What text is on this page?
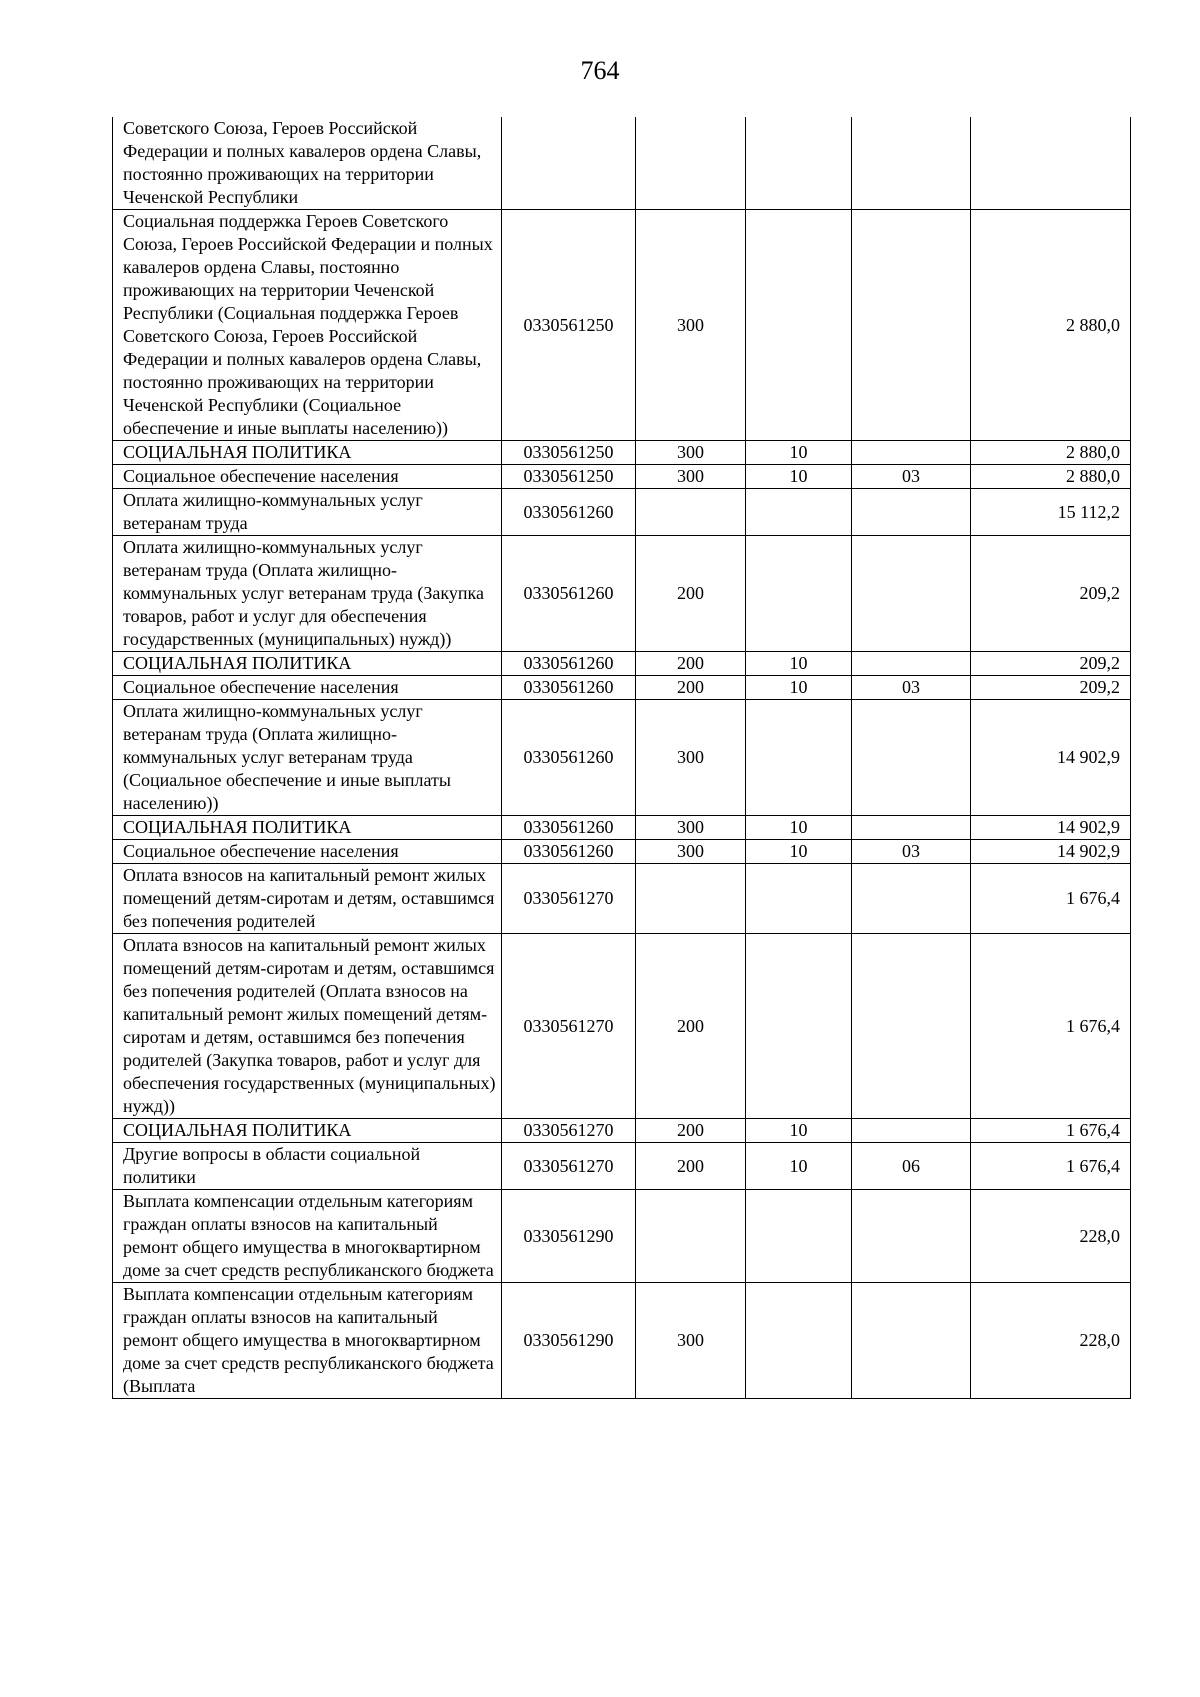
764
Советского Союза, Героев Российской Федерации и полных кавалеров ордена Славы, постоянно проживающих на территории Чеченской Республики					
Социальная поддержка Героев Советского Союза, Героев Российской Федерации и полных кавалеров ордена Славы, постоянно проживающих на территории Чеченской Республики (Социальная поддержка Героев Советского Союза, Героев Российской Федерации и полных кавалеров ордена Славы, постоянно проживающих на территории Чеченской Республики (Социальное обеспечение и иные выплаты населению))	0330561250	300			2 880,0
СОЦИАЛЬНАЯ ПОЛИТИКА	0330561250	300	10		2 880,0
Социальное обеспечение населения	0330561250	300	10	03	2 880,0
Оплата жилищно-коммунальных услуг ветеранам труда	0330561260				15 112,2
Оплата жилищно-коммунальных услуг ветеранам труда (Оплата жилищно-коммунальных услуг ветеранам труда (Закупка товаров, работ и услуг для обеспечения государственных (муниципальных) нужд))	0330561260	200			209,2
СОЦИАЛЬНАЯ ПОЛИТИКА	0330561260	200	10		209,2
Социальное обеспечение населения	0330561260	200	10	03	209,2
Оплата жилищно-коммунальных услуг ветеранам труда (Оплата жилищно-коммунальных услуг ветеранам труда (Социальное обеспечение и иные выплаты населению))	0330561260	300			14 902,9
СОЦИАЛЬНАЯ ПОЛИТИКА	0330561260	300	10		14 902,9
Социальное обеспечение населения	0330561260	300	10	03	14 902,9
Оплата взносов на капитальный ремонт жилых помещений детям-сиротам и детям, оставшимся без попечения родителей	0330561270				1 676,4
Оплата взносов на капитальный ремонт жилых помещений детям-сиротам и детям, оставшимся без попечения родителей (Оплата взносов на капитальный ремонт жилых помещений детям-сиротам и детям, оставшимся без попечения родителей (Закупка товаров, работ и услуг для обеспечения государственных (муниципальных) нужд))	0330561270	200			1 676,4
СОЦИАЛЬНАЯ ПОЛИТИКА	0330561270	200	10		1 676,4
Другие вопросы в области социальной политики	0330561270	200	10	06	1 676,4
Выплата компенсации отдельным категориям граждан оплаты взносов на капитальный ремонт общего имущества в многоквартирном доме за счет средств республиканского бюджета	0330561290				228,0
Выплата компенсации отдельным категориям граждан оплаты взносов на капитальный ремонт общего имущества в многоквартирном доме за счет средств республиканского бюджета (Выплата	0330561290	300			228,0
